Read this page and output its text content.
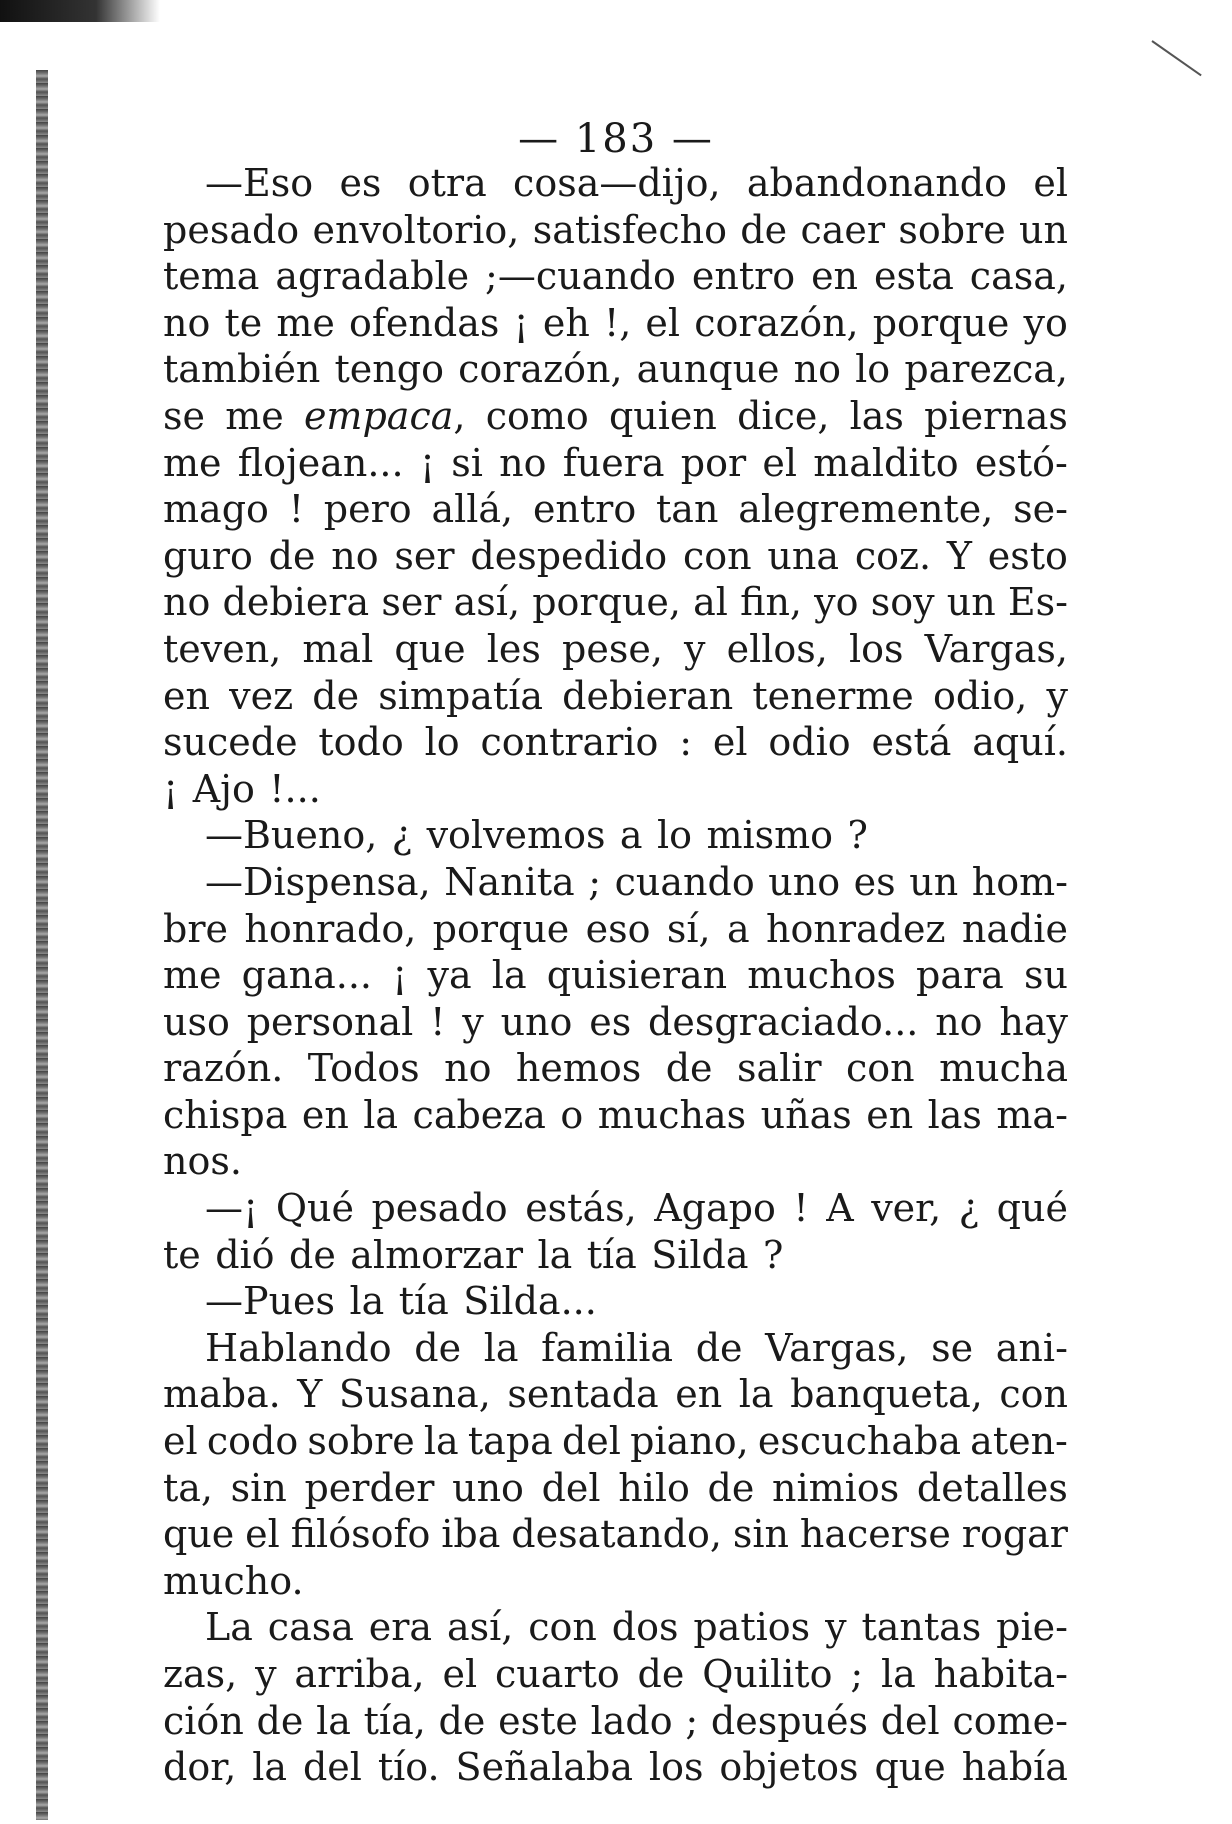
— 183 —
—Eso es otra cosa—dijo, abandonando el
pesado envoltorio, satisfecho de caer sobre un
tema agradable ;—cuando entro en esta casa,
no te me ofendas ¡ eh !, el corazón, porque yo
también tengo corazón, aunque no lo parezca,
se me empaca, como quien dice, las piernas
me flojean... ¡ si no fuera por el maldito estó-
mago ! pero allá, entro tan alegremente, se-
guro de no ser despedido con una coz. Y esto
no debiera ser así, porque, al fin, yo soy un Es-
teven, mal que les pese, y ellos, los Vargas,
en vez de simpatía debieran tenerme odio, y
sucede todo lo contrario : el odio está aquí.
¡ Ajo !...
—Bueno, ¿ volvemos a lo mismo ?
—Dispensa, Nanita ; cuando uno es un hom-
bre honrado, porque eso sí, a honradez nadie
me gana... ¡ ya la quisieran muchos para su
uso personal ! y uno es desgraciado... no hay
razón. Todos no hemos de salir con mucha
chispa en la cabeza o muchas uñas en las ma-
nos.
—¡ Qué pesado estás, Agapo ! A ver, ¿ qué
te dió de almorzar la tía Silda ?
—Pues la tía Silda...
Hablando de la familia de Vargas, se ani-
maba. Y Susana, sentada en la banqueta, con
el codo sobre la tapa del piano, escuchaba aten-
ta, sin perder uno del hilo de nimios detalles
que el filósofo iba desatando, sin hacerse rogar
mucho.
La casa era así, con dos patios y tantas pie-
zas, y arriba, el cuarto de Quilito ; la habita-
ción de la tía, de este lado ; después del come-
dor, la del tío. Señalaba los objetos que había
